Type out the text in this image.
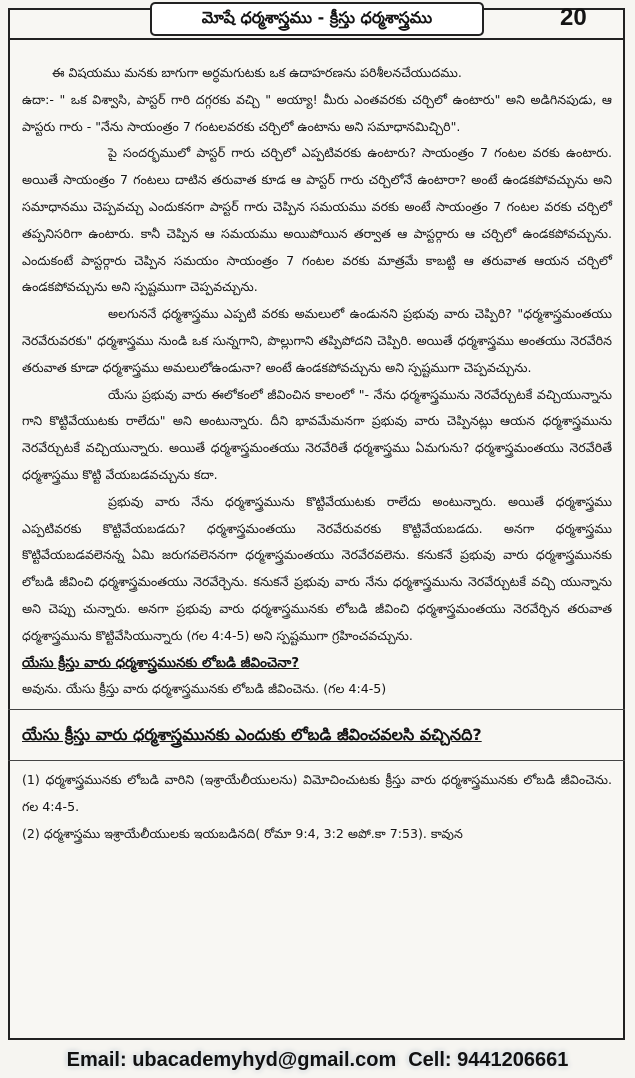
మోషే ధర్మశాస్త్రము - క్రీస్తు ధర్మశాస్త్రము	20

ఈ విషయము మనకు బాగుగా అర్ధమగుటకు ఒక ఉదాహరణను పరిశీలనచేయుదము.

ఉదా:- " ఒక విశ్వాసి, పాస్టర్ గారి దగ్గరకు వచ్చి " అయ్యా! మీరు ఎంతవరకు చర్చిలో ఉంటారు" అని అడిగినపుడు, ఆ పాస్టరు గారు - "నేను సాయంత్రం 7 గంటలవరకు చర్చిలో ఉంటాను అని సమాధానమిచ్చిరి".

పై సందర్భములో పాస్టర్ గారు చర్చిలో ఎప్పటివరకు ఉంటారు? సాయంత్రం 7 గంటల వరకు ఉంటారు. అయితే సాయంత్రం 7 గంటలు దాటిన తరువాత కూడ ఆ పాస్టర్ గారు చర్చిలోనే ఉంటారా? అంటే ఉండకపోవచ్చును అని సమాధానము చెప్పవచ్చు ఎందుకనగా పాస్టర్ గారు చెప్పిన సమయము వరకు అంటే సాయంత్రం 7 గంటల వరకు చర్చిలో తప్పనిసరిగా ఉంటారు. కానీ చెప్పిన ఆ సమయము అయిపోయిన తర్వాత ఆ పాస్టర్గారు ఆ చర్చిలో ఉండకపోవచ్చును. ఎందుకంటే పాస్టర్గారు చెప్పిన సమయం సాయంత్రం 7 గంటల వరకు మాత్రమే కాబట్టి ఆ తరువాత ఆయన చర్చిలో ఉండకపోవచ్చును అని స్పష్టముగా చెప్పవచ్చును.

అలగుననే ధర్మశాస్త్రము ఎప్పటి వరకు అమలులో ఉండునని ప్రభువు వారు చెప్పిరి? "ధర్మశాస్త్రమంతయు నెరవేరువరకు" ధర్మశాస్త్రము నుండి ఒక సున్నగాని, పొల్లుగాని తప్పిపోదని చెప్పిరి. అయితే ధర్మశాస్త్రము అంతయు నెరవేరిన తరువాత కూడా ధర్మశాస్త్రము అమలులోఉండునా? అంటే ఉండకపోవచ్చును అని స్పష్టముగా చెప్పవచ్చును.

యేసు ప్రభువు వారు ఈలోకంలో జీవించిన కాలంలో "- నేను ధర్మశాస్త్రమును నెరవేర్చుటకే వచ్చియున్నాను గాని కొట్టివేయుటకు రాలేదు" అని అంటున్నారు. దీని భావమేమనగా ప్రభువు వారు చెప్పినట్లు ఆయన ధర్మశాస్త్రమును నెరవేర్చుటకే వచ్చియున్నారు. అయితే ధర్మశాస్త్రమంతయు నెరవేరితే ధర్మశాస్త్రము ఏమగును? ధర్మశాస్త్రమంతయు నెరవేరితే ధర్మశాస్త్రము కొట్టి వేయబడవచ్చును కదా.

ప్రభువు వారు నేను ధర్మశాస్త్రమును కొట్టివేయుటకు రాలేదు అంటున్నారు. అయితే ధర్మశాస్త్రము ఎప్పటివరకు కొట్టివేయబడదు? ధర్మశాస్త్రమంతయు నెరవేరువరకు కొట్టివేయబడదు. అనగా ధర్మశాస్త్రము కొట్టివేయబడవలెనన్న ఏమి జరుగవలెననగా ధర్మశాస్త్రమంతయు నెరవేరవలెను. కనుకనే ప్రభువు వారు ధర్మశాస్త్రమునకు లోబడి జీవించి ధర్మశాస్త్రమంతయు నెరవేర్చెను. కనుకనే ప్రభువు వారు నేను ధర్మశాస్త్రమును నెరవేర్చుటకే వచ్చి యున్నాను అని చెప్పు చున్నారు. అనగా ప్రభువు వారు ధర్మశాస్త్రమునకు లోబడి జీవించి ధర్మశాస్త్రమంతయు నెరవేర్చిన తరువాత ధర్మశాస్త్రమును కొట్టివేసియున్నారు (గల 4:4-5) అని స్పష్టముగా గ్రహించవచ్చును.

యేసు క్రీస్తు వారు ధర్మశాస్త్రమునకు లోబడి జీవించెనా?

అవును. యేసు క్రీస్తు వారు ధర్మశాస్త్రమునకు లోబడి జీవించెను. (గల 4:4-5)

యేసు క్రీస్తు వారు ధర్మశాస్త్రమునకు ఎందుకు లోబడి జీవించవలసి వచ్చినది?

(1) ధర్మశాస్త్రమునకు లోబడి వారిని (ఇశ్రాయేలీయులను) విమోచించుటకు క్రీస్తు వారు ధర్మశాస్త్రమునకు లోబడి జీవించెను. గల 4:4-5.

(2) ధర్మశాస్త్రము ఇశ్రాయేలీయులకు ఇయబడినది( రోమా 9:4, 3:2 అపో.కా 7:53). కావున

Email: ubacademyhyd@gmail.com Cell: 9441206661
